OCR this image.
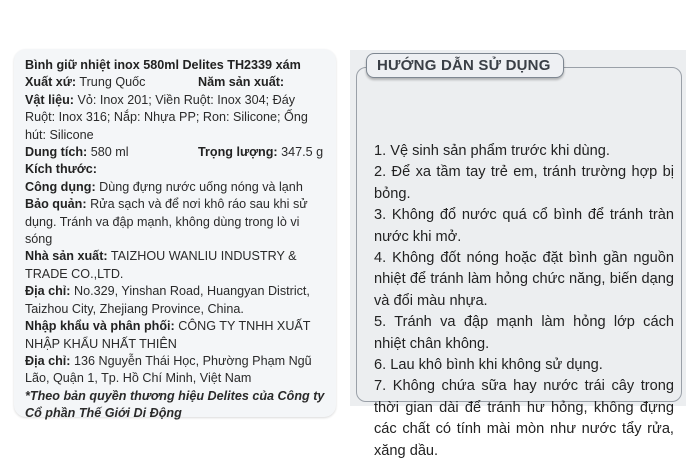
Bình giữ nhiệt inox 580ml Delites TH2339 xám

Xuất xứ: Trung Quốc	Năm sản xuất:

Vật liệu: Vỏ: Inox 201; Viền Ruột: Inox 304; Đáy Ruột: Inox 316; Nắp: Nhựa PP; Ron: Silicone; Ống hút: Silicone

Dung tích: 580 ml	Trọng lượng: 347.5 g

Kích thước:

Công dụng: Dùng đựng nước uống nóng và lạnh

Bảo quản: Rửa sạch và để nơi khô ráo sau khi sử dụng. Tránh va đập mạnh, không dùng trong lò vi sóng

Nhà sản xuất: TAIZHOU WANLIU INDUSTRY & TRADE CO.,LTD.

Địa chỉ: No.329, Yinshan Road, Huangyan District, Taizhou City, Zhejiang Province, China.

Nhập khẩu và phân phối: CÔNG TY TNHH XUẤT NHẬP KHẨU NHẤT THIÊN

Địa chỉ: 136 Nguyễn Thái Học, Phường Phạm Ngũ Lão, Quận 1, Tp. Hồ Chí Minh, Việt Nam

*Theo bản quyền thương hiệu Delites của Công ty Cổ phần Thế Giới Di Động

HƯỚNG DẪN SỬ DỤNG

1. Vệ sinh sản phẩm trước khi dùng.

2. Để xa tầm tay trẻ em, tránh trường hợp bị bỏng.

3. Không đổ nước quá cổ bình để tránh tràn nước khi mở.

4. Không đốt nóng hoặc đặt bình gần nguồn nhiệt để tránh làm hỏng chức năng, biến dạng và đổi màu nhựa.

5. Tránh va đập mạnh làm hỏng lớp cách nhiệt chân không.

6. Lau khô bình khi không sử dụng.

7. Không chứa sữa hay nước trái cây trong thời gian dài để tránh hư hỏng, không đựng các chất có tính mài mòn như nước tẩy rửa, xăng dầu.
